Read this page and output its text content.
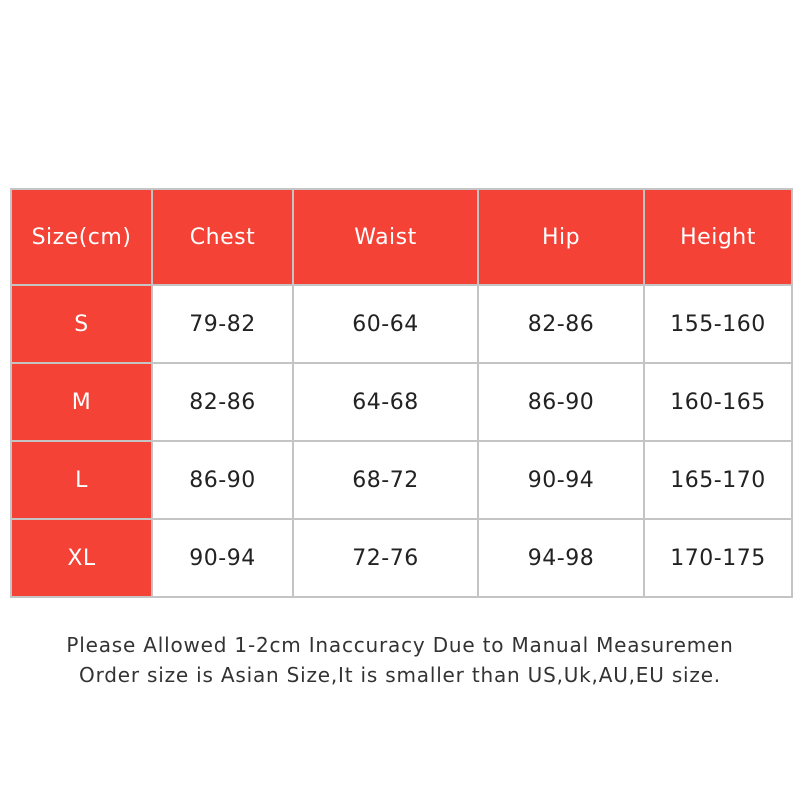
Size(cm)	Chest	Waist	Hip	Height
S	79-82	60-64	82-86	155-160
M	82-86	64-68	86-90	160-165
L	86-90	68-72	90-94	165-170
XL	90-94	72-76	94-98	170-175
Please Allowed 1-2cm Inaccuracy Due to Manual Measuremen
Order size is Asian Size,It is smaller than US,Uk,AU,EU size.
